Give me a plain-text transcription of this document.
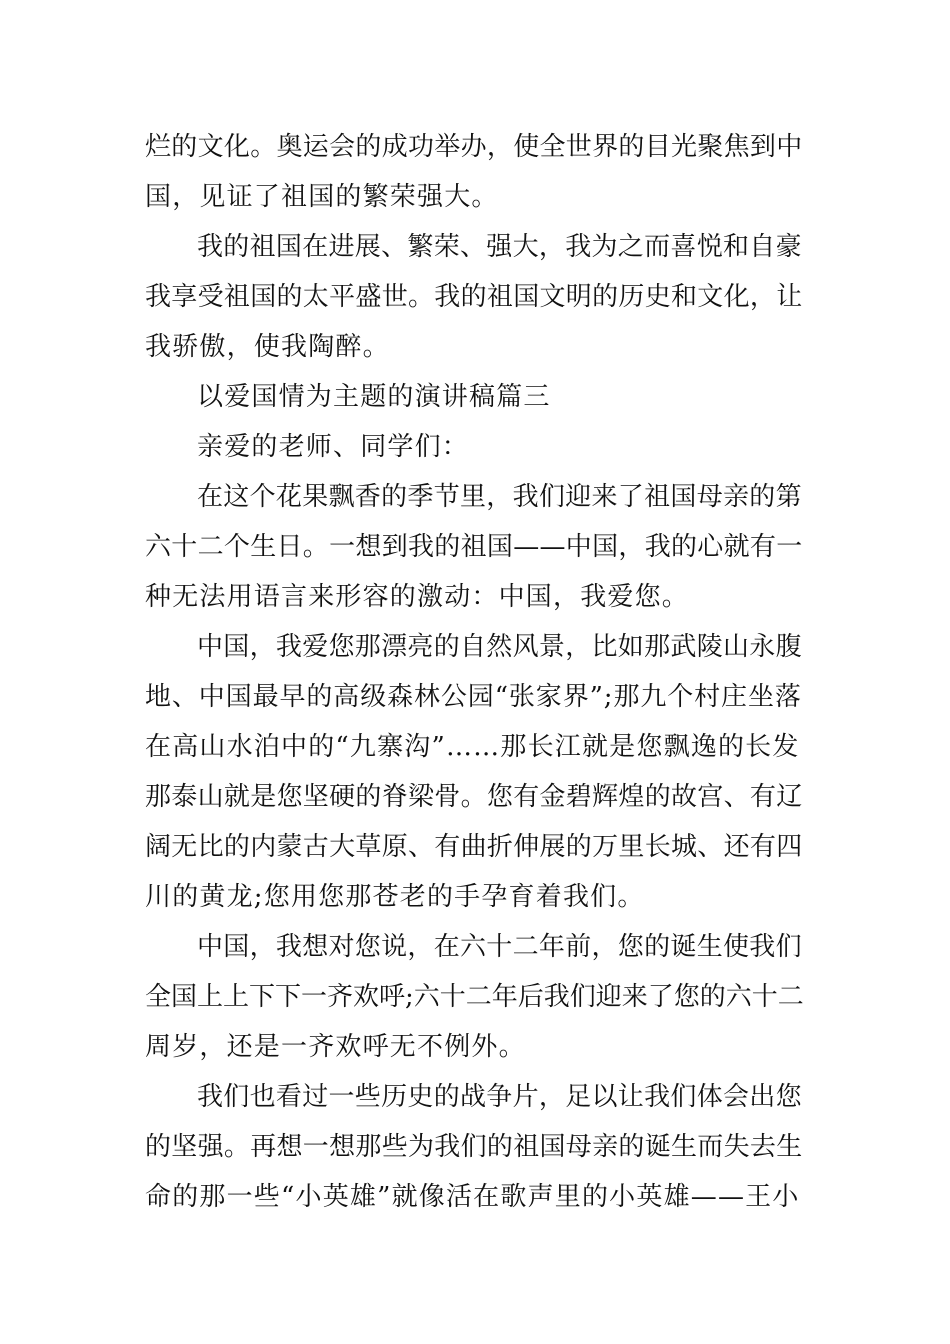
烂的文化。奥运会的成功举办，使全世界的目光聚焦到中
国，见证了祖国的繁荣强大。
我的祖国在进展、繁荣、强大，我为之而喜悦和自豪
我享受祖国的太平盛世。我的祖国文明的历史和文化，让
我骄傲，使我陶醉。
以爱国情为主题的演讲稿篇三
亲爱的老师、同学们：
在这个花果飘香的季节里，我们迎来了祖国母亲的第
六十二个生日。一想到我的祖国——中国，我的心就有一
种无法用语言来形容的激动：中国，我爱您。
中国，我爱您那漂亮的自然风景，比如那武陵山永腹
地、中国最早的高级森林公园“张家界”;那九个村庄坐落
在高山水泊中的“九寨沟”……那长江就是您飘逸的长发
那泰山就是您坚硬的脊梁骨。您有金碧辉煌的故宫、有辽
阔无比的内蒙古大草原、有曲折伸展的万里长城、还有四
川的黄龙;您用您那苍老的手孕育着我们。
中国，我想对您说，在六十二年前，您的诞生使我们
全国上上下下一齐欢呼;六十二年后我们迎来了您的六十二
周岁，还是一齐欢呼无不例外。
我们也看过一些历史的战争片，足以让我们体会出您
的坚强。再想一想那些为我们的祖国母亲的诞生而失去生
命的那一些“小英雄”就像活在歌声里的小英雄——王小
